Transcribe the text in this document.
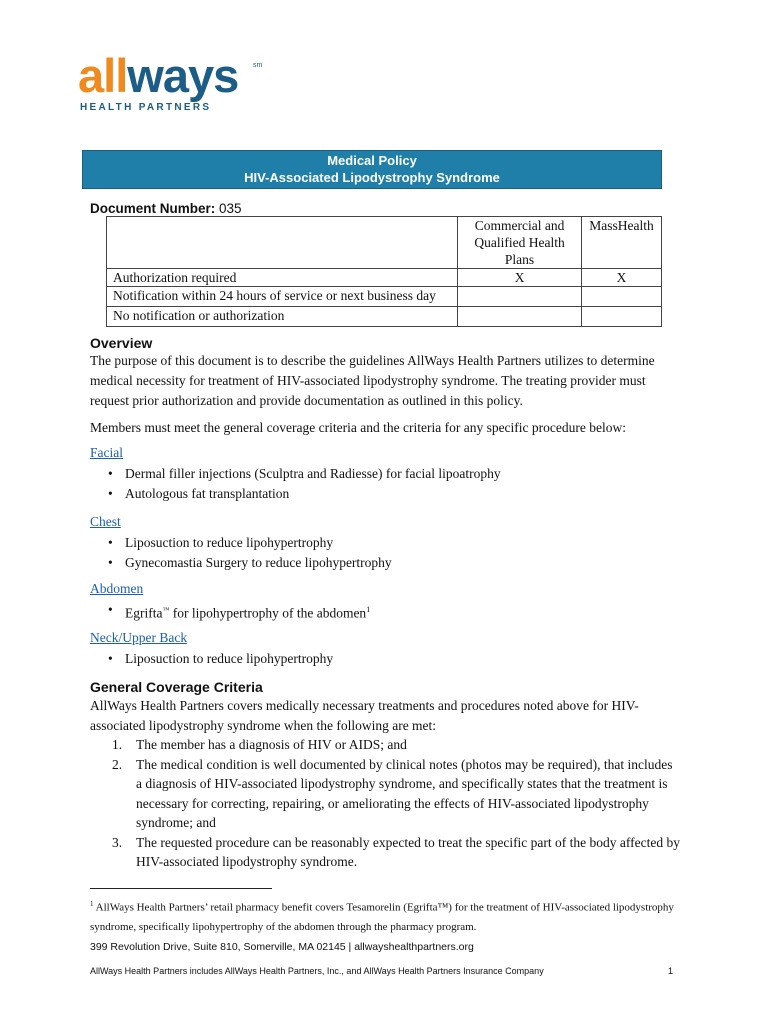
allways sm
HEALTH PARTNERS
Medical Policy
HIV-Associated Lipodystrophy Syndrome
Document Number: 035
	Commercial and Qualified Health Plans	MassHealth
Authorization required	X	X
Notification within 24 hours of service or next business day		
No notification or authorization		
Overview
The purpose of this document is to describe the guidelines AllWays Health Partners utilizes to determine medical necessity for treatment of HIV-associated lipodystrophy syndrome. The treating provider must request prior authorization and provide documentation as outlined in this policy.
Members must meet the general coverage criteria and the criteria for any specific procedure below:
Facial
• Dermal filler injections (Sculptra and Radiesse) for facial lipoatrophy
• Autologous fat transplantation
Chest
• Liposuction to reduce lipohypertrophy
• Gynecomastia Surgery to reduce lipohypertrophy
Abdomen
• Egrifta™ for lipohypertrophy of the abdomen$^1$
Neck/Upper Back
• Liposuction to reduce lipohypertrophy
General Coverage Criteria
AllWays Health Partners covers medically necessary treatments and procedures noted above for HIV-associated lipodystrophy syndrome when the following are met:
1. The member has a diagnosis of HIV or AIDS; and
2. The medical condition is well documented by clinical notes (photos may be required), that includes a diagnosis of HIV-associated lipodystrophy syndrome, and specifically states that the treatment is necessary for correcting, repairing, or ameliorating the effects of HIV-associated lipodystrophy syndrome; and
3. The requested procedure can be reasonably expected to treat the specific part of the body affected by HIV-associated lipodystrophy syndrome.
$^1$ AllWays Health Partners’ retail pharmacy benefit covers Tesamorelin (Egrifta™) for the treatment of HIV-associated lipodystrophy syndrome, specifically lipohypertrophy of the abdomen through the pharmacy program.
399 Revolution Drive, Suite 810, Somerville, MA 02145 | allwayshealthpartners.org
AllWays Health Partners includes AllWays Health Partners, Inc., and AllWays Health Partners Insurance Company	1
